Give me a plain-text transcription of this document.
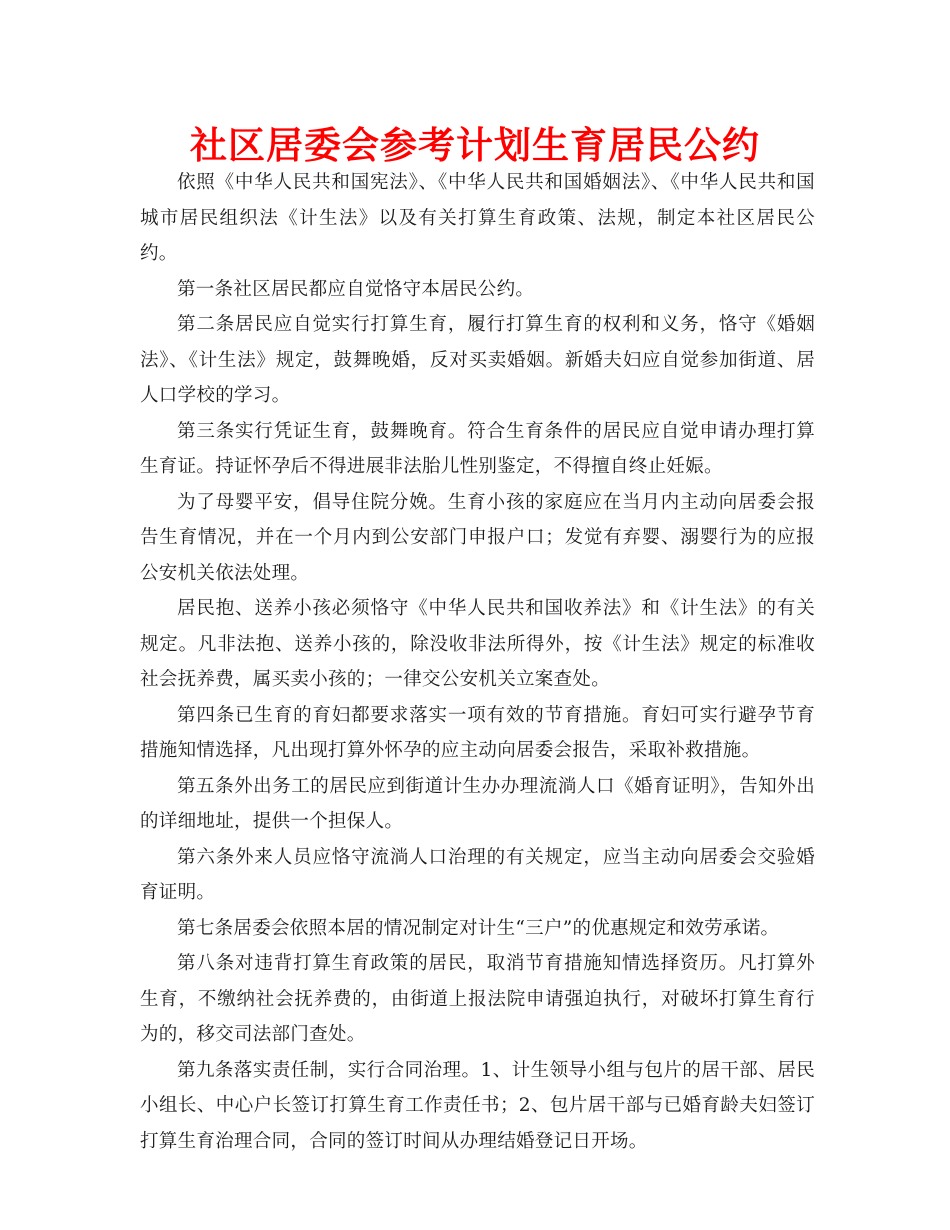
社区居委会参考计划生育居民公约

依照《中华人民共和国宪法》、《中华人民共和国婚姻法》、《中华人民共和国城市居民组织法《计生法》以及有关打算生育政策、法规，制定本社区居民公约。

第一条社区居民都应自觉恪守本居民公约。

第二条居民应自觉实行打算生育，履行打算生育的权利和义务，恪守《婚姻法》、《计生法》规定，鼓舞晚婚，反对买卖婚姻。新婚夫妇应自觉参加街道、居人口学校的学习。

第三条实行凭证生育，鼓舞晚育。符合生育条件的居民应自觉申请办理打算生育证。持证怀孕后不得进展非法胎儿性别鉴定，不得擅自终止妊娠。

为了母婴平安，倡导住院分娩。生育小孩的家庭应在当月内主动向居委会报告生育情况，并在一个月内到公安部门申报户口；发觉有弃婴、溺婴行为的应报公安机关依法处理。

居民抱、送养小孩必须恪守《中华人民共和国收养法》和《计生法》的有关规定。凡非法抱、送养小孩的，除没收非法所得外，按《计生法》规定的标准收社会抚养费，属买卖小孩的；一律交公安机关立案查处。

第四条已生育的育妇都要求落实一项有效的节育措施。育妇可实行避孕节育措施知情选择，凡出现打算外怀孕的应主动向居委会报告，采取补救措施。

第五条外出务工的居民应到街道计生办办理流淌人口《婚育证明》，告知外出的详细地址，提供一个担保人。

第六条外来人员应恪守流淌人口治理的有关规定，应当主动向居委会交验婚育证明。

第七条居委会依照本居的情况制定对计生“三户”的优惠规定和效劳承诺。

第八条对违背打算生育政策的居民，取消节育措施知情选择资历。凡打算外生育，不缴纳社会抚养费的，由街道上报法院申请强迫执行，对破坏打算生育行为的，移交司法部门查处。

第九条落实责任制，实行合同治理。1、计生领导小组与包片的居干部、居民小组长、中心户长签订打算生育工作责任书；2、包片居干部与已婚育龄夫妇签订打算生育治理合同，合同的签订时间从办理结婚登记日开场。
